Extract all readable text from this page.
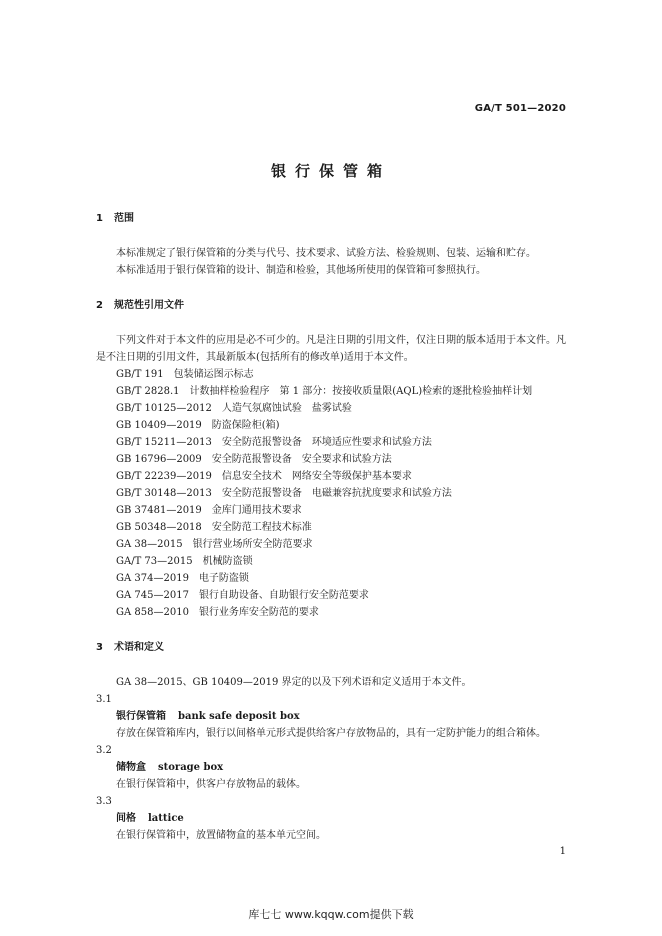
GA/T 501—2020
银行保管箱

1 范围

本标准规定了银行保管箱的分类与代号、技术要求、试验方法、检验规则、包装、运输和贮存。

本标准适用于银行保管箱的设计、制造和检验，其他场所使用的保管箱可参照执行。

2 规范性引用文件

下列文件对于本文件的应用是必不可少的。凡是注日期的引用文件，仅注日期的版本适用于本文件。凡是不注日期的引用文件，其最新版本(包括所有的修改单)适用于本文件。

GB/T 191 包装储运图示标志

GB/T 2828.1 计数抽样检验程序　第 1 部分：按接收质量限(AQL)检索的逐批检验抽样计划

GB/T 10125—2012 人造气氛腐蚀试验　盐雾试验

GB 10409—2019 防盗保险柜(箱)

GB/T 15211—2013 安全防范报警设备　环境适应性要求和试验方法

GB 16796—2009 安全防范报警设备　安全要求和试验方法

GB/T 22239—2019 信息安全技术　网络安全等级保护基本要求

GB/T 30148—2013 安全防范报警设备　电磁兼容抗扰度要求和试验方法

GB 37481—2019 金库门通用技术要求

GB 50348—2018 安全防范工程技术标准

GA 38—2015 银行营业场所安全防范要求

GA/T 73—2015 机械防盗锁

GA 374—2019 电子防盗锁

GA 745—2017 银行自助设备、自助银行安全防范要求

GA 858—2010 银行业务库安全防范的要求

3 术语和定义

GA 38—2015、GB 10409—2019 界定的以及下列术语和定义适用于本文件。

3.1

银行保管箱 bank safe deposit box

存放在保管箱库内，银行以间格单元形式提供给客户存放物品的，具有一定防护能力的组合箱体。

3.2

储物盒 storage box

在银行保管箱中，供客户存放物品的载体。

3.3

间格 lattice

在银行保管箱中，放置储物盒的基本单元空间。

1
库七七 www.kqqw.com提供下载
